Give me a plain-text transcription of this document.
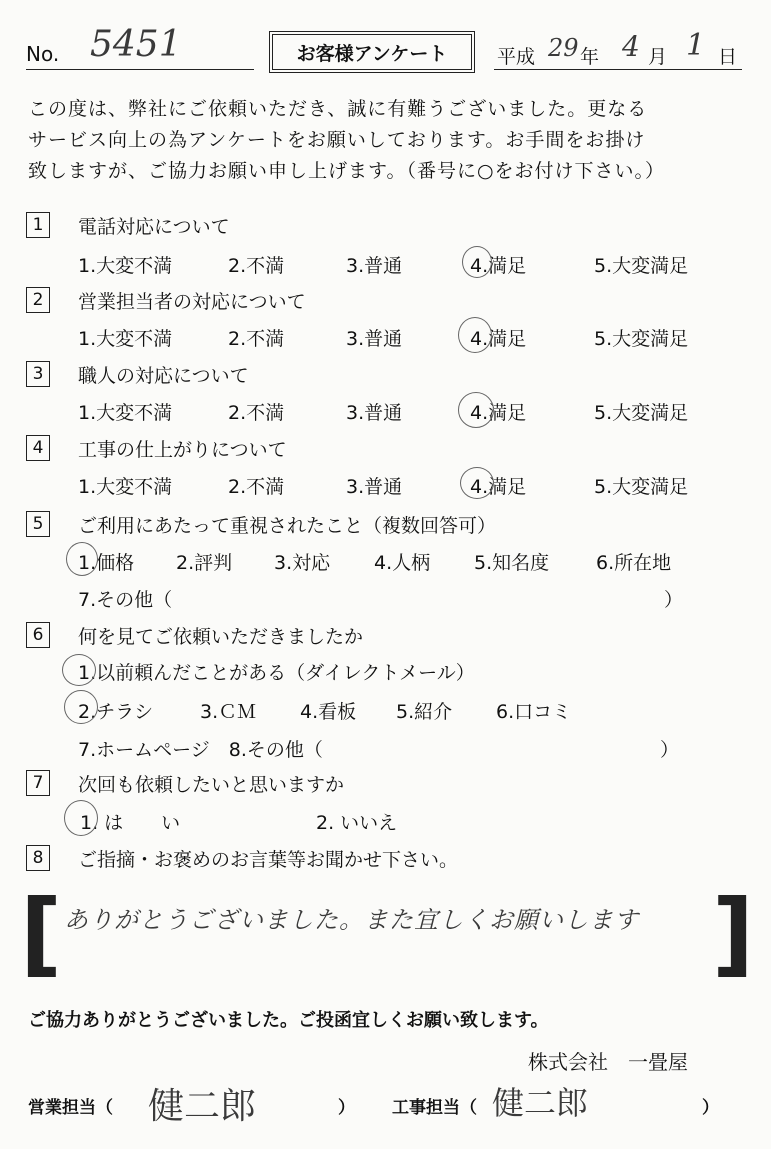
No. 5451	お客様アンケート	平成 29 年 4 月 1 日
この度は、弊社にご依頼いただき、誠に有難うございました。更なる
サービス向上の為アンケートをお願いしております。お手間をお掛け
致しますが、ご協力お願い申し上げます。（番号に○をお付け下さい。）
1	電話対応について
1.大変不満	2.不満	3.普通	4.満足	5.大変満足
2	営業担当者の対応について
1.大変不満	2.不満	3.普通	4.満足	5.大変満足
3	職人の対応について
1.大変不満	2.不満	3.普通	4.満足	5.大変満足
4	工事の仕上がりについて
1.大変不満	2.不満	3.普通	4.満足	5.大変満足
5	ご利用にあたって重視されたこと（複数回答可）
1.価格 2.評判 3.対応 4.人柄 5.知名度 6.所在地
7.その他（	）
6	何を見てご依頼いただきましたか
1.以前頼んだことがある（ダイレクトメール）
2.チラシ 3.ＣＭ 4.看板 5.紹介 6.口コミ
7.ホームページ　8.その他（	）
7	次回も依頼したいと思いますか
1. は　　い	2. いいえ
8	ご指摘・お褒めのお言葉等お聞かせ下さい。
[	]
ありがとうございました。また宜しくお願いします
ご協力ありがとうございました。ご投函宜しくお願い致します。
株式会社　一畳屋
営業担当（ 健二郎	） 工事担当（ 健二郎	）
